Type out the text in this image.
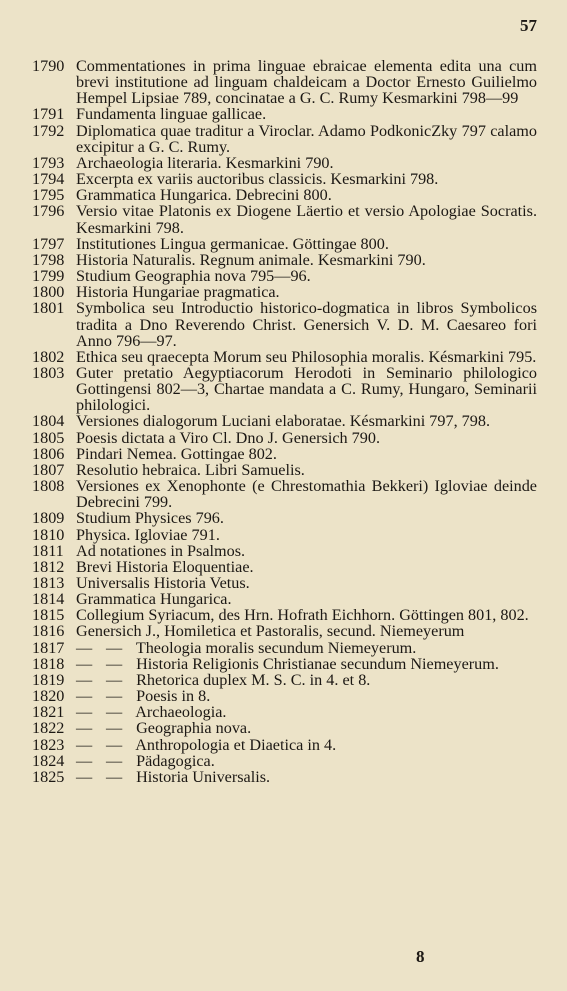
57
1790 Commentationes in prima linguae ebraicae elementa edita una cum brevi institutione ad linguam chaldeicam a Doctor Ernesto Guilielmo Hempel Lipsiae 789, concinatae a G. C. Rumy Kesmarkini 798—99
1791 Fundamenta linguae gallicae.
1792 Diplomatica quae traditur a Viroclar. Adamo PodkonicZky 797 calamo excipitur a G. C. Rumy.
1793 Archaeologia literaria. Kesmarkini 790.
1794 Excerpta ex variis auctoribus classicis. Kesmarkini 798.
1795 Grammatica Hungarica. Debrecini 800.
1796 Versio vitae Platonis ex Diogene Läertio et versio Apologiae Socratis. Kesmarkini 798.
1797 Institutiones Lingua germanicae. Göttingae 800.
1798 Historia Naturalis. Regnum animale. Kesmarkini 790.
1799 Studium Geographia nova 795—96.
1800 Historia Hungariae pragmatica.
1801 Symbolica seu Introductio historico-dogmatica in libros Symbolicos tradita a Dno Reverendo Christ. Genersich V. D. M. Caesareo fori Anno 796—97.
1802 Ethica seu qraecepta Morum seu Philosophia moralis. Késmarkini 795.
1803 Guter pretatio Aegyptiacorum Herodoti in Seminario philologico Gottingensi 802—3, Chartae mandata a C. Rumy, Hungaro, Seminarii philologici.
1804 Versiones dialogorum Luciani elaboratae. Késmarkini 797, 798.
1805 Poesis dictata a Viro Cl. Dno J. Genersich 790.
1806 Pindari Nemea. Gottingae 802.
1807 Resolutio hebraica. Libri Samuelis.
1808 Versiones ex Xenophonte (e Chrestomathia Bekkeri) Igloviae deinde Debrecini 799.
1809 Studium Physices 796.
1810 Physica. Igloviae 791.
1811 Ad notationes in Psalmos.
1812 Brevi Historia Eloquentiae.
1813 Universalis Historia Vetus.
1814 Grammatica Hungarica.
1815 Collegium Syriacum, des Hrn. Hofrath Eichhorn. Göttingen 801, 802.
1816 Genersich J., Homiletica et Pastoralis, secund. Niemeyerum
1817 — — Theologia moralis secundum Niemeyerum.
1818 — — Historia Religionis Christianae secundum Niemeyerum.
1819 — — Rhetorica duplex M. S. C. in 4. et 8.
1820 — — Poesis in 8.
1821 — — Archaeologia.
1822 — — Geographia nova.
1823 — — Anthropologia et Diaetica in 4.
1824 — — Pädagogica.
1825 — — Historia Universalis.
8
